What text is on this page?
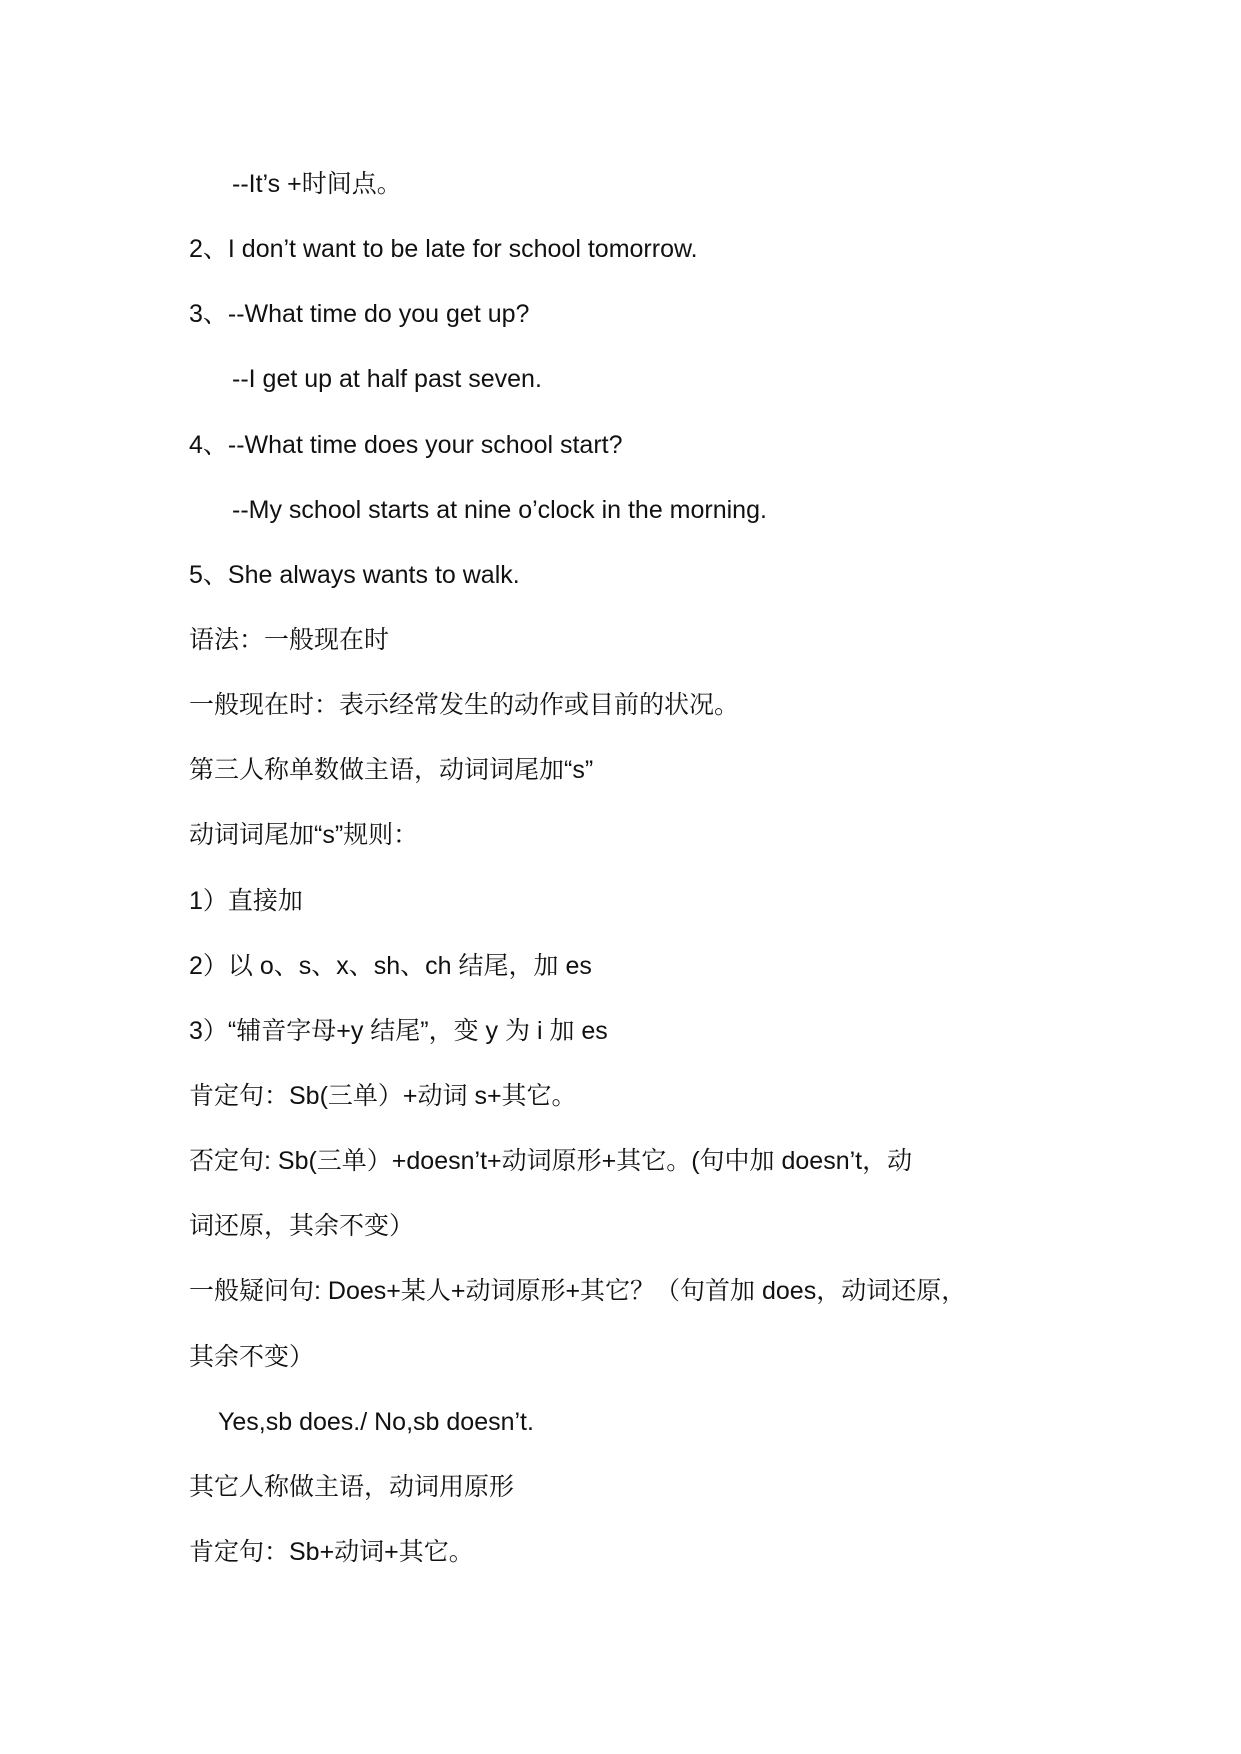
--It’s +时间点。

2、I don’t want to be late for school tomorrow.

3、--What time do you get up?

--I get up at half past seven.

4、--What time does your school start?

--My school starts at nine o’clock in the morning.

5、She always wants to walk.

语法：一般现在时

一般现在时：表示经常发生的动作或目前的状况。

第三人称单数做主语，动词词尾加“s”

动词词尾加“s”规则：

1）直接加

2）以 o、s、x、sh、ch 结尾，加 es

3）“辅音字母+y 结尾”，变 y 为 i 加 es

肯定句：Sb(三单）+动词 s+其它。

否定句: Sb(三单）+doesn’t+动词原形+其它。(句中加 doesn’t，动

词还原，其余不变）

一般疑问句: Does+某人+动词原形+其它？（句首加 does，动词还原，

其余不变）

Yes,sb does./ No,sb doesn’t.

其它人称做主语，动词用原形

肯定句：Sb+动词+其它。
